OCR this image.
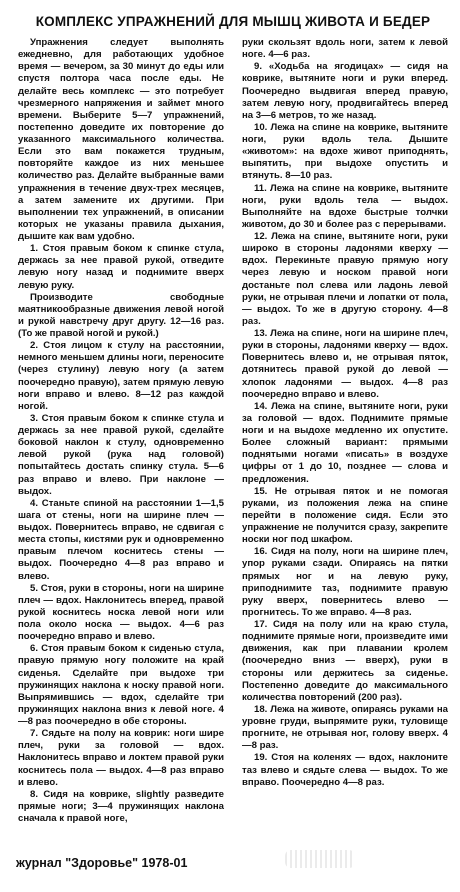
КОМПЛЕКС УПРАЖНЕНИЙ ДЛЯ МЫШЦ ЖИВОТА И БЕДЕР

Упражнения следует выполнять ежедневно, для работающих удобное время — вечером, за 30 минут до еды или спустя полтора часа после еды. Не делайте весь комплекс — это потребует чрезмерного напряжения и займет много времени. Выберите 5—7 упражнений, постепенно доведите их повторение до указанного максимального количества. Если это вам покажется трудным, повторяйте каждое из них меньшее количество раз. Делайте выбранные вами упражнения в течение двух-трех месяцев, а затем замените их другими. При выполнении тех упражнений, в описании которых не указаны правила дыхания, дышите как вам удобно.

1. Стоя правым боком к спинке стула, держась за нее правой рукой, отведите левую ногу назад и поднимите вверх левую руку.

Производите свободные маятникообразные движения левой ногой и рукой навстречу друг другу. 12—16 раз. (То же правой ногой и рукой.)

2. Стоя лицом к стулу на расстоянии, немного меньшем длины ноги, переносите (через стулину) левую ногу (а затем поочередно правую), затем прямую левую ноги вправо и влево. 8—12 раз каждой ногой.

3. Стоя правым боком к спинке стула и держась за нее правой рукой, сделайте боковой наклон к стулу, одновременно левой рукой (рука над головой) попытайтесь достать спинку стула. 5—6 раз вправо и влево. При наклоне — выдох.

4. Станьте спиной на расстоянии 1—1,5 шага от стены, ноги на ширине плеч — выдох. Повернитесь вправо, не сдвигая с места стопы, кистями рук и одновременно правым плечом коснитесь стены — выдох. Поочередно 4—8 раз вправо и влево.

5. Стоя, руки в стороны, ноги на ширине плеч — вдох. Наклонитесь вперед, правой рукой коснитесь носка левой ноги или пола около носка — выдох. 4—6 раз поочередно вправо и влево.

6. Стоя правым боком к сиденью стула, правую прямую ногу положите на край сиденья. Сделайте при выдохе три пружинящих наклона к носку правой ноги. Выпрямившись — вдох, сделайте три пружинящих наклона вниз к левой ноге. 4—8 раз поочередно в обе стороны.

7. Сядьте на полу на коврик: ноги шире плеч, руки за головой — вдох. Наклонитесь вправо и локтем правой руки коснитесь пола — выдох. 4—8 раз вправо и влево.

8. Сидя на коврике, slightly разведите прямые ноги; 3—4 пружинящих наклона сначала к правой ноге,

руки скользят вдоль ноги, затем к левой ноге. 4—6 раз.

9. «Ходьба на ягодицах» — сидя на коврике, вытяните ноги и руки вперед. Поочередно выдвигая вперед правую, затем левую ногу, продвигайтесь вперед на 3—6 метров, то же назад.

10. Лежа на спине на коврике, вытяните ноги, руки вдоль тела. Дышите «животом»: на вдохе живот приподнять, выпятить, при выдохе опустить и втянуть. 8—10 раз.

11. Лежа на спине на коврике, вытяните ноги, руки вдоль тела — выдох. Выполняйте на вдохе быстрые толчки животом, до 30 и более раз с перерывами.

12. Лежа на спине, вытяните ноги, руки широко в стороны ладонями кверху — вдох. Перекиньте правую прямую ногу через левую и носком правой ноги достаньте пол слева или ладонь левой руки, не отрывая плечи и лопатки от пола, — выдох. То же в другую сторону. 4—8 раз.

13. Лежа на спине, ноги на ширине плеч, руки в стороны, ладонями кверху — вдох. Повернитесь влево и, не отрывая пяток, дотянитесь правой рукой до левой — хлопок ладонями — выдох. 4—8 раз поочередно вправо и влево.

14. Лежа на спине, вытяните ноги, руки за головой — вдох. Поднимите прямые ноги и на выдохе медленно их опустите. Более сложный вариант: прямыми поднятыми ногами «писать» в воздухе цифры от 1 до 10, позднее — слова и предложения.

15. Не отрывая пяток и не помогая руками, из положения лежа на спине перейти в положение сидя. Если это упражнение не получится сразу, закрепите носки ног под шкафом.

16. Сидя на полу, ноги на ширине плеч, упор руками сзади. Опираясь на пятки прямых ног и на левую руку, приподнимите таз, поднимите правую руку вверх, повернитесь влево — прогнитесь. То же вправо. 4—8 раз.

17. Сидя на полу или на краю стула, поднимите прямые ноги, произведите ими движения, как при плавании кролем (поочередно вниз — вверх), руки в стороны или держитесь за сиденье. Постепенно доведите до максимального количества повторений (200 раз).

18. Лежа на животе, опираясь руками на уровне груди, выпрямите руки, туловище прогните, не отрывая ног, голову вверх. 4—8 раз.

19. Стоя на коленях — вдох, наклоните таз влево и сядьте слева — выдох. То же вправо. Поочередно 4—8 раз.

журнал "Здоровье" 1978-01
